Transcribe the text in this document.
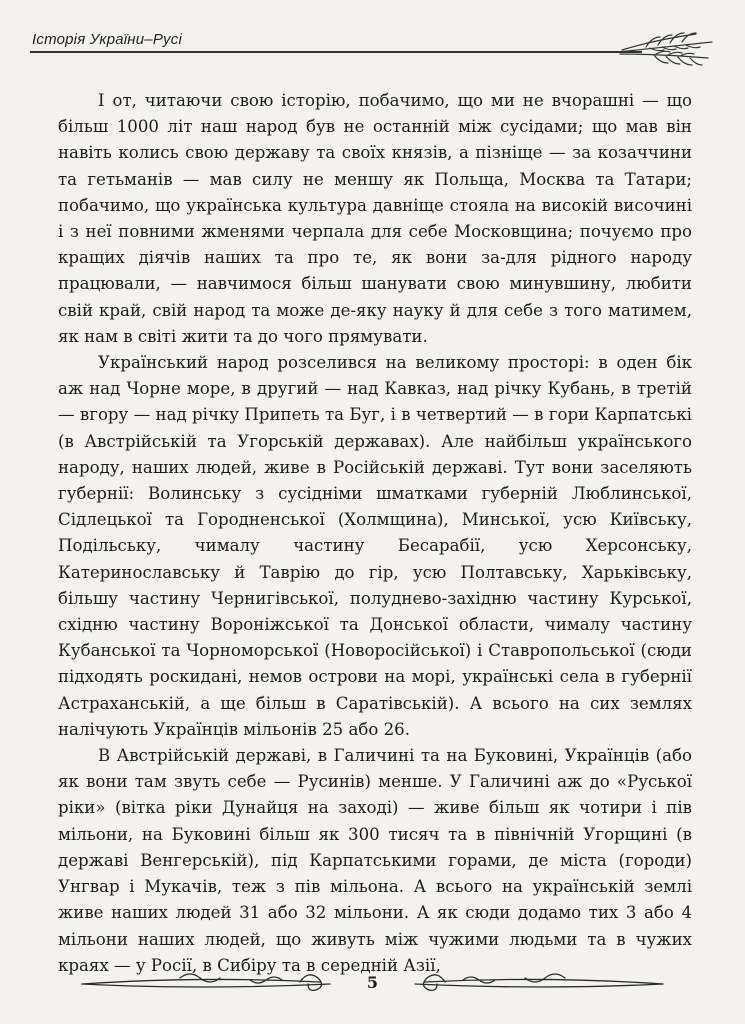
Історія України–Русі

І от, читаючи свою історію, побачимо, що ми не вчорашні — що більш 1000 літ наш народ був не останній між сусідами; що мав він навіть колись свою державу та своїх князів, а пізніще — за козаччини та гетьманів — мав силу не меншу як Польща, Москва та Татари; побачимо, що українська культура давніще стояла на високій височині і з неї повними жменями черпала для себе Московщина; почуємо про кращих діячів наших та про те, як вони за-для рідного народу працювали, — навчимося більш шанувати свою минувшину, любити свій край, свій народ та може де-яку науку й для себе з того матимем, як нам в світі жити та до чого прямувати.

Український народ розселився на великому просторі: в оден бік аж над Чорне море, в другий — над Кавказ, над річку Кубань, в третій — вгору — над річку Припеть та Буг, і в четвертий — в гори Карпатські (в Австрійській та Угорській державах). Але найбільш українського народу, наших людей, живе в Російській державі. Тут вони заселяють губернії: Волинську з сусідніми шматками губерній Люблинської, Сідлецької та Городненської (Холмщина), Минської, усю Київську, Подільську, чималу частину Бесарабії, усю Херсонську, Катеринославську й Таврію до гір, усю Полтавську, Харьківську, більшу частину Чернигівської, полудневo-західню частину Курської, східню частину Вороніжської та Донської области, чималу частину Кубанської та Чорноморської (Новоросійської) і Ставропольської (сюди підходять роскидані, немов острови на морі, українські села в губернії Астраханській, а ще більш в Саратівській). А всього на сих землях налічують Українців мільонів 25 або 26.

В Австрійській державі, в Галичині та на Буковині, Українців (або як вони там звуть себе — Русинів) менше. У Галичині аж до «Руської ріки» (вітка ріки Дунайця на заході) — живе більш як чотири і пів мільони, на Буковині більш як 300 тисяч та в північній Угорщині (в державі Венгерській), під Карпатськими горами, де міста (городи) Унгвар і Мукачів, теж з пів мільона. А всього на українській землі живе наших людей 31 або 32 мільони. А як сюди додамо тих 3 або 4 мільони наших людей, що живуть між чужими людьми та в чужих краях — у Росії, в Сибіру та в середній Азії,

5
